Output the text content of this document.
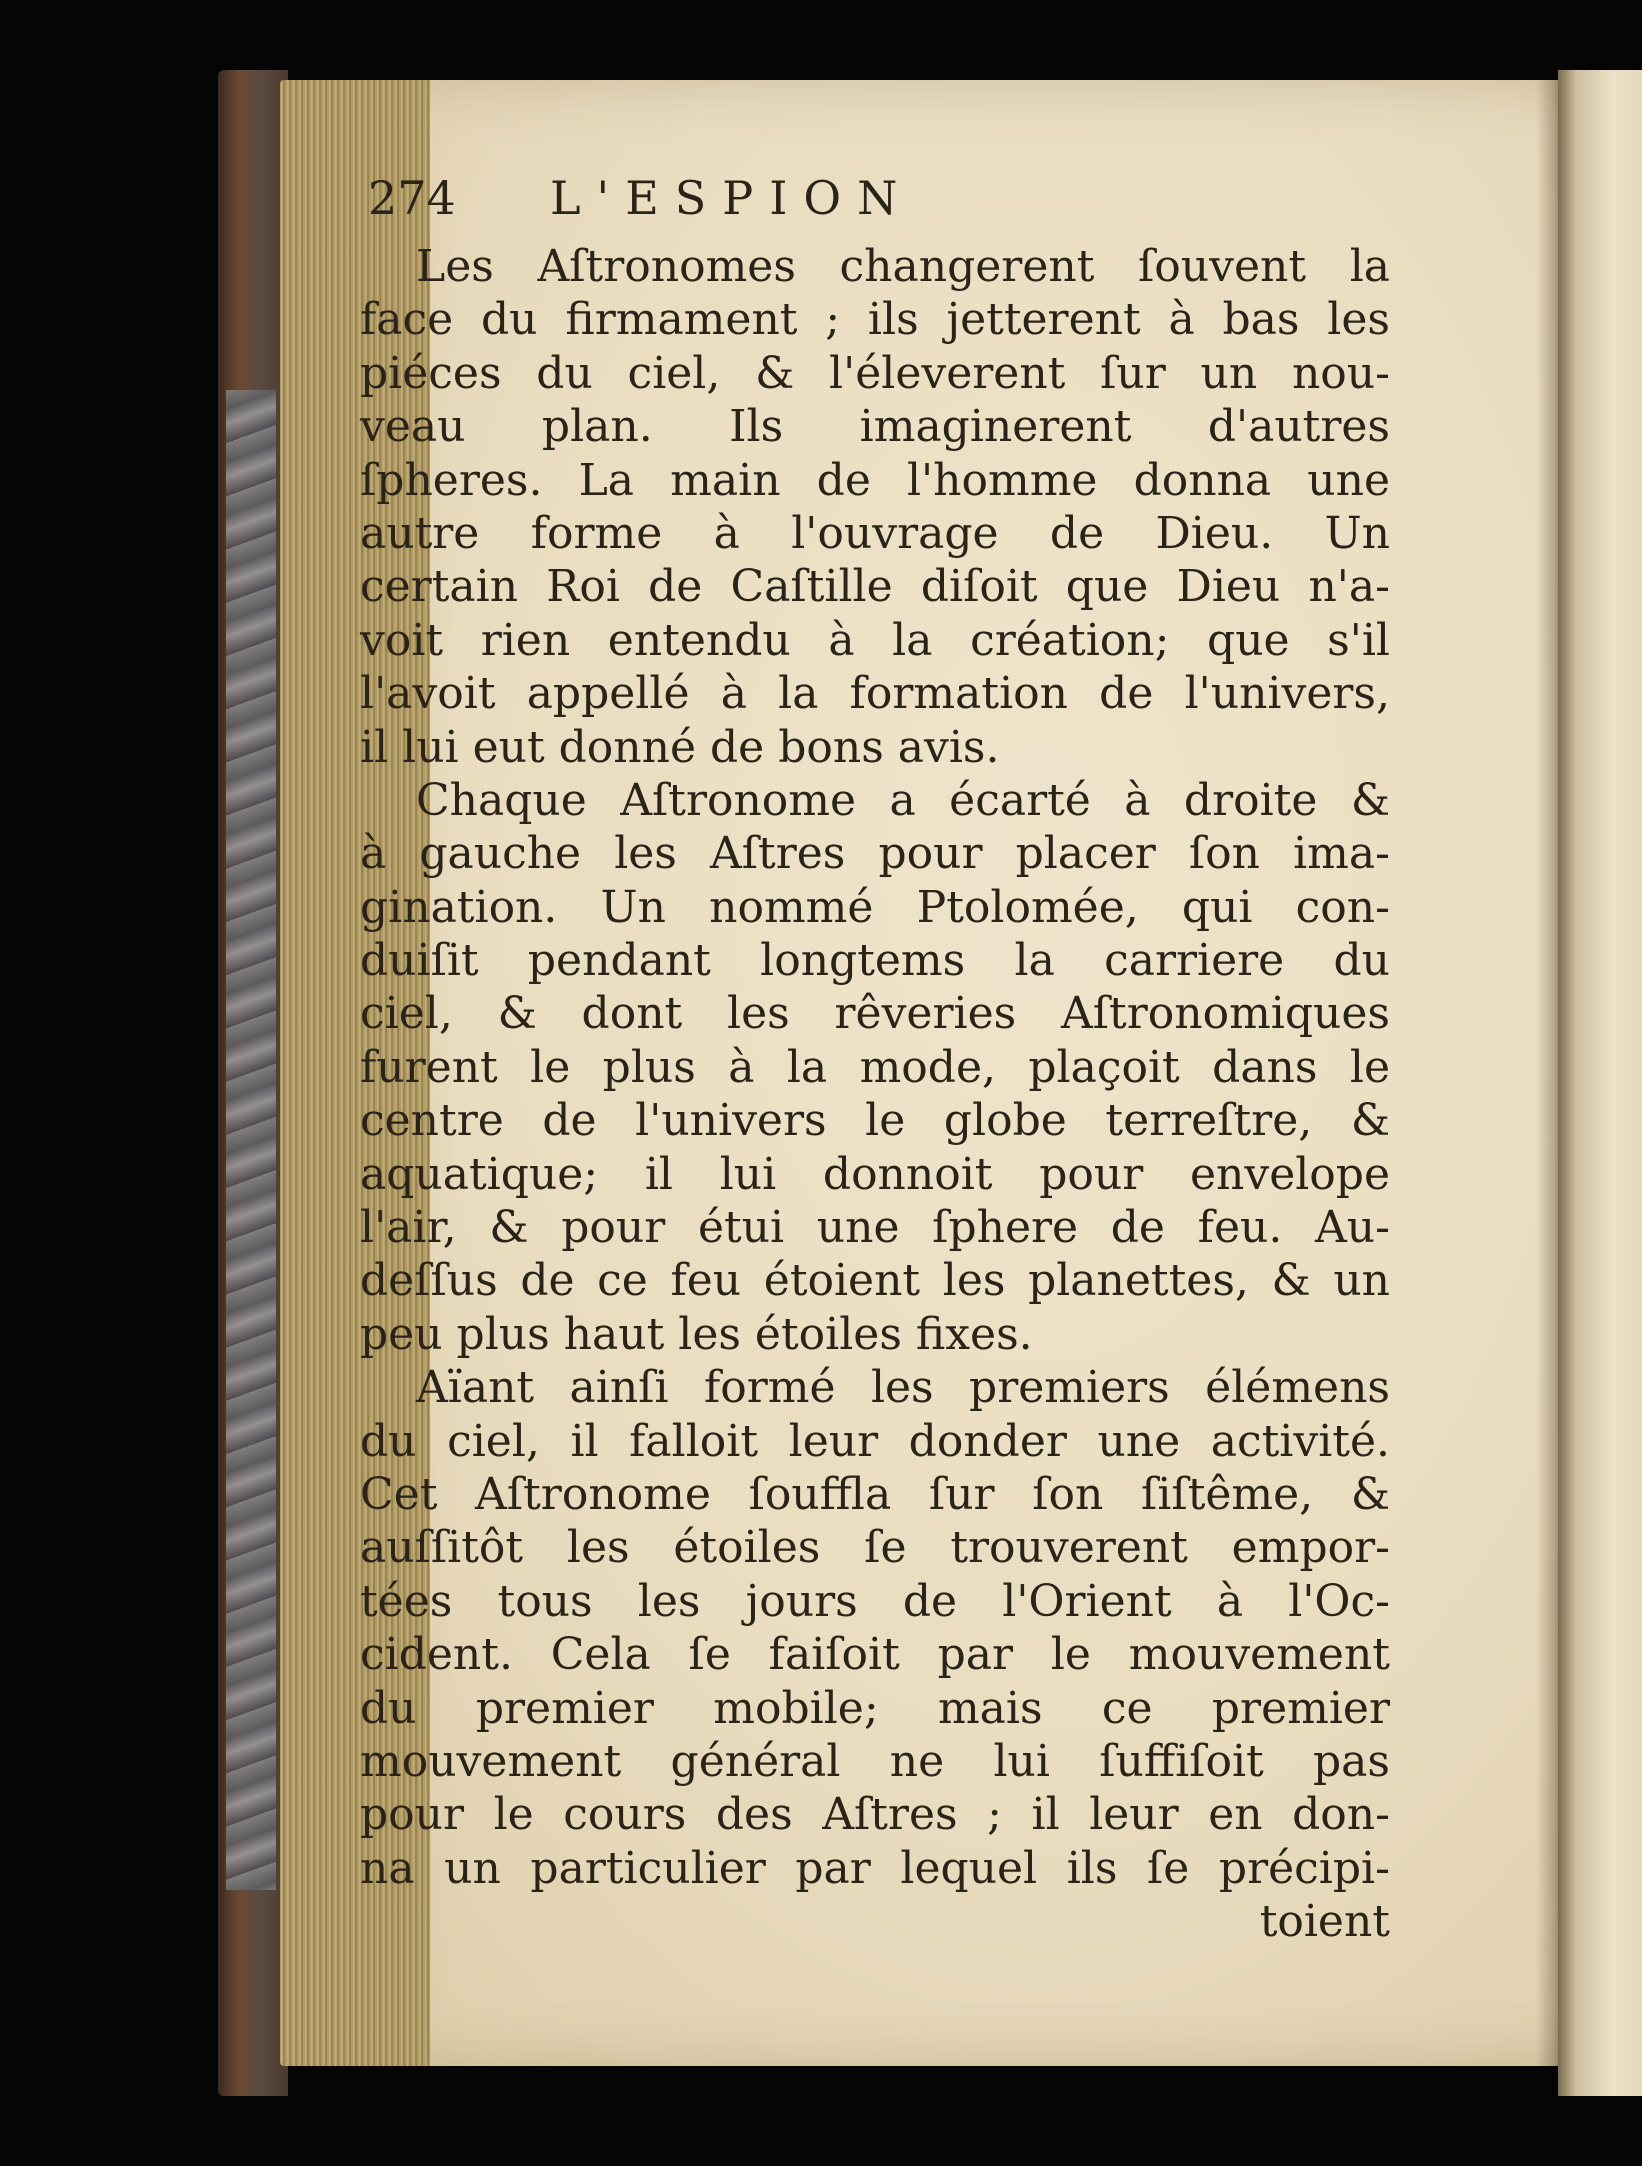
274 L'ESPION
Les Aſtronomes changerent ſouvent la
face du firmament ; ils jetterent à bas les
piéces du ciel, & l'éleverent ſur un nou-
veau plan. Ils imaginerent d'autres
ſpheres. La main de l'homme donna une
autre forme à l'ouvrage de Dieu. Un
certain Roi de Caſtille diſoit que Dieu n'a-
voit rien entendu à la création; que s'il
l'avoit appellé à la formation de l'univers,
il lui eut donné de bons avis.
Chaque Aſtronome a écarté à droite &
à gauche les Aſtres pour placer ſon ima-
gination. Un nommé Ptolomée, qui con-
duiſit pendant longtems la carriere du
ciel, & dont les rêveries Aſtronomiques
furent le plus à la mode, plaçoit dans le
centre de l'univers le globe terreſtre, &
aquatique; il lui donnoit pour envelope
l'air, & pour étui une ſphere de feu. Au-
deſſus de ce feu étoient les planettes, & un
peu plus haut les étoiles fixes.
Aïant ainſi formé les premiers élémens
du ciel, il falloit leur donder une activité.
Cet Aſtronome ſouffla ſur ſon ſiſtême, &
auſſitôt les étoiles ſe trouverent empor-
tées tous les jours de l'Orient à l'Oc-
cident. Cela ſe faiſoit par le mouvement
du premier mobile; mais ce premier
mouvement général ne lui ſuffiſoit pas
pour le cours des Aſtres ; il leur en don-
na un particulier par lequel ils ſe précipi-
toient
